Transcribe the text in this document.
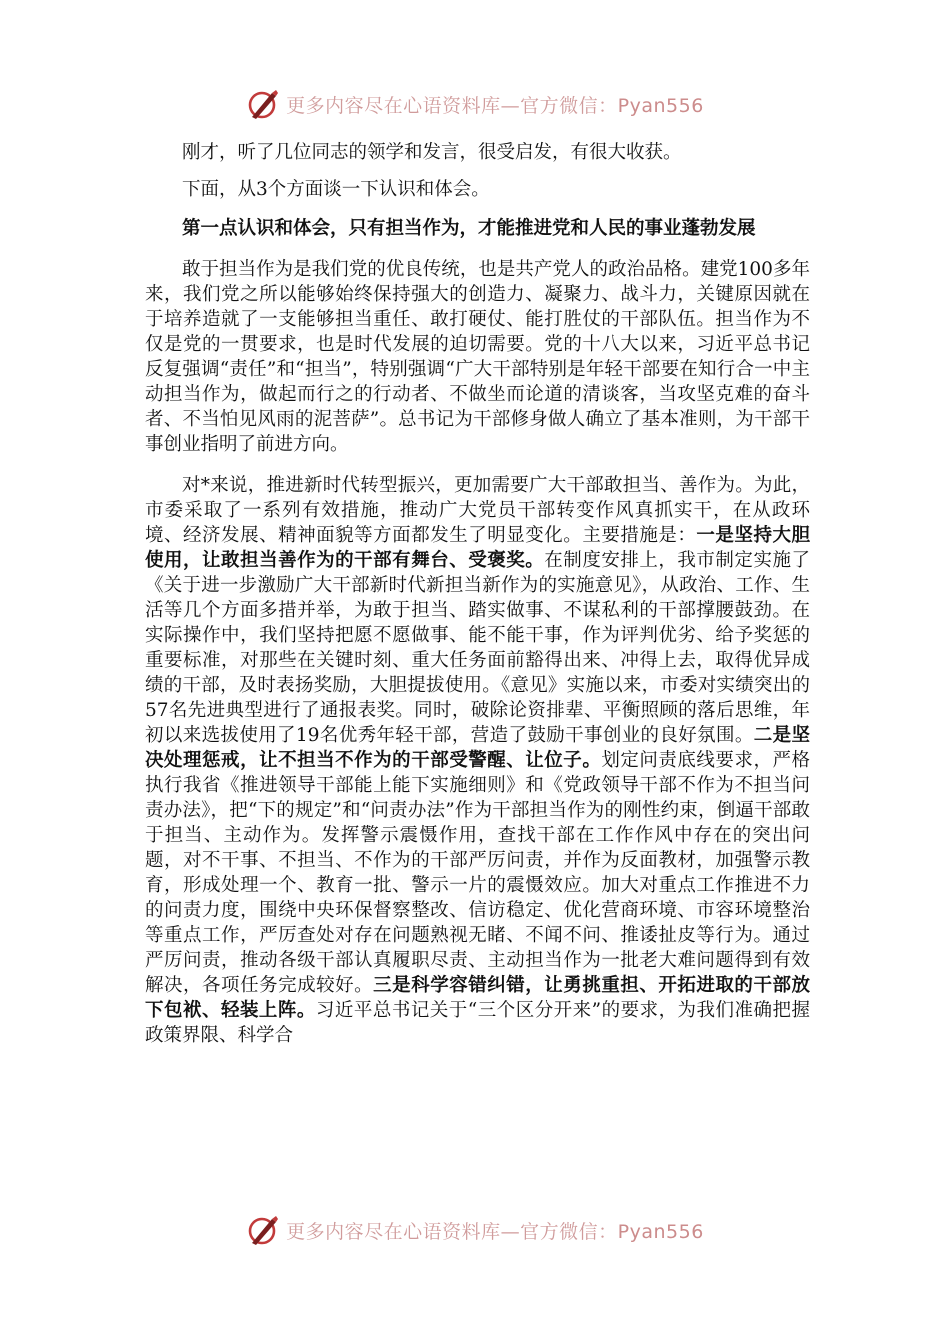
更多内容尽在心语资料库—官方微信：Pyan556

刚才，听了几位同志的领学和发言，很受启发，有很大收获。

下面，从3个方面谈一下认识和体会。

第一点认识和体会，只有担当作为，才能推进党和人民的事业蓬勃发展

敢于担当作为是我们党的优良传统，也是共产党人的政治品格。建党100多年来，我们党之所以能够始终保持强大的创造力、凝聚力、战斗力，关键原因就在于培养造就了一支能够担当重任、敢打硬仗、能打胜仗的干部队伍。担当作为不仅是党的一贯要求，也是时代发展的迫切需要。党的十八大以来，习近平总书记反复强调“责任”和“担当”，特别强调“广大干部特别是年轻干部要在知行合一中主动担当作为，做起而行之的行动者、不做坐而论道的清谈客，当攻坚克难的奋斗者、不当怕见风雨的泥菩萨”。总书记为干部修身做人确立了基本准则，为干部干事创业指明了前进方向。

对*来说，推进新时代转型振兴，更加需要广大干部敢担当、善作为。为此，市委采取了一系列有效措施，推动广大党员干部转变作风真抓实干，在从政环境、经济发展、精神面貌等方面都发生了明显变化。主要措施是：一是坚持大胆使用，让敢担当善作为的干部有舞台、受褒奖。在制度安排上，我市制定实施了《关于进一步激励广大干部新时代新担当新作为的实施意见》，从政治、工作、生活等几个方面多措并举，为敢于担当、踏实做事、不谋私利的干部撑腰鼓劲。在实际操作中，我们坚持把愿不愿做事、能不能干事，作为评判优劣、给予奖惩的重要标准，对那些在关键时刻、重大任务面前豁得出来、冲得上去，取得优异成绩的干部，及时表扬奖励，大胆提拔使用。《意见》实施以来，市委对实绩突出的57名先进典型进行了通报表奖。同时，破除论资排辈、平衡照顾的落后思维，年初以来选拔使用了19名优秀年轻干部，营造了鼓励干事创业的良好氛围。二是坚决处理惩戒，让不担当不作为的干部受警醒、让位子。划定问责底线要求，严格执行我省《推进领导干部能上能下实施细则》和《党政领导干部不作为不担当问责办法》，把“下的规定”和“问责办法”作为干部担当作为的刚性约束，倒逼干部敢于担当、主动作为。发挥警示震慑作用，查找干部在工作作风中存在的突出问题，对不干事、不担当、不作为的干部严厉问责，并作为反面教材，加强警示教育，形成处理一个、教育一批、警示一片的震慑效应。加大对重点工作推进不力的问责力度，围绕中央环保督察整改、信访稳定、优化营商环境、市容环境整治等重点工作，严厉查处对存在问题熟视无睹、不闻不问、推诿扯皮等行为。通过严厉问责，推动各级干部认真履职尽责、主动担当作为一批老大难问题得到有效解决，各项任务完成较好。三是科学容错纠错，让勇挑重担、开拓进取的干部放下包袱、轻装上阵。习近平总书记关于“三个区分开来”的要求，为我们准确把握政策界限、科学合

更多内容尽在心语资料库—官方微信：Pyan556
